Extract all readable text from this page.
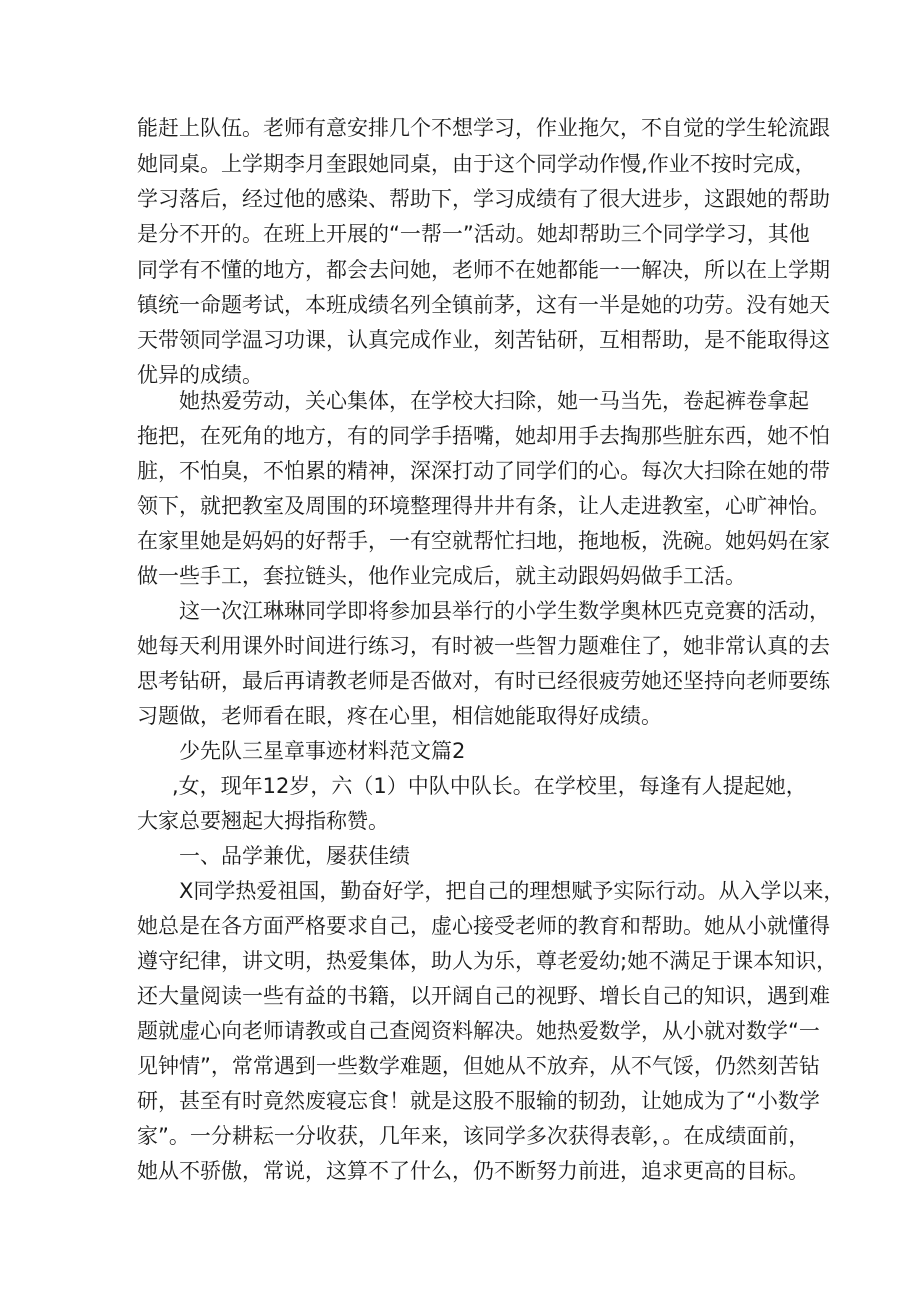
能赶上队伍。老师有意安排几个不想学习，作业拖欠，不自觉的学生轮流跟

她同桌。上学期李月奎跟她同桌，由于这个同学动作慢,作业不按时完成，

学习落后，经过他的感染、帮助下，学习成绩有了很大进步，这跟她的帮助

是分不开的。在班上开展的“一帮一”活动。她却帮助三个同学学习，其他

同学有不懂的地方，都会去问她，老师不在她都能一一解决，所以在上学期

镇统一命题考试，本班成绩名列全镇前茅，这有一半是她的功劳。没有她天

天带领同学温习功课，认真完成作业，刻苦钻研，互相帮助，是不能取得这

优异的成绩。

她热爱劳动，关心集体，在学校大扫除，她一马当先，卷起裤卷拿起

拖把，在死角的地方，有的同学手捂嘴，她却用手去掏那些脏东西，她不怕

脏，不怕臭，不怕累的精神，深深打动了同学们的心。每次大扫除在她的带

领下，就把教室及周围的环境整理得井井有条，让人走进教室，心旷神怡。

在家里她是妈妈的好帮手，一有空就帮忙扫地，拖地板，洗碗。她妈妈在家

做一些手工，套拉链头，他作业完成后，就主动跟妈妈做手工活。

这一次江琳琳同学即将参加县举行的小学生数学奥林匹克竞赛的活动，

她每天利用课外时间进行练习，有时被一些智力题难住了，她非常认真的去

思考钻研，最后再请教老师是否做对，有时已经很疲劳她还坚持向老师要练

习题做，老师看在眼，疼在心里，相信她能取得好成绩。

少先队三星章事迹材料范文篇2

,女，现年12岁，六（1）中队中队长。在学校里，每逢有人提起她，

大家总要翘起大拇指称赞。

一、品学兼优，屡获佳绩

X同学热爱祖国，勤奋好学，把自己的理想赋予实际行动。从入学以来，

她总是在各方面严格要求自己，虚心接受老师的教育和帮助。她从小就懂得

遵守纪律，讲文明，热爱集体，助人为乐，尊老爱幼;她不满足于课本知识，

还大量阅读一些有益的书籍，以开阔自己的视野、增长自己的知识，遇到难

题就虚心向老师请教或自己查阅资料解决。她热爱数学，从小就对数学“一

见钟情”，常常遇到一些数学难题，但她从不放弃，从不气馁，仍然刻苦钻

研，甚至有时竟然废寝忘食！就是这股不服输的韧劲，让她成为了“小数学

家”。一分耕耘一分收获，几年来，该同学多次获得表彰，。在成绩面前，

她从不骄傲，常说，这算不了什么，仍不断努力前进，追求更高的目标。
